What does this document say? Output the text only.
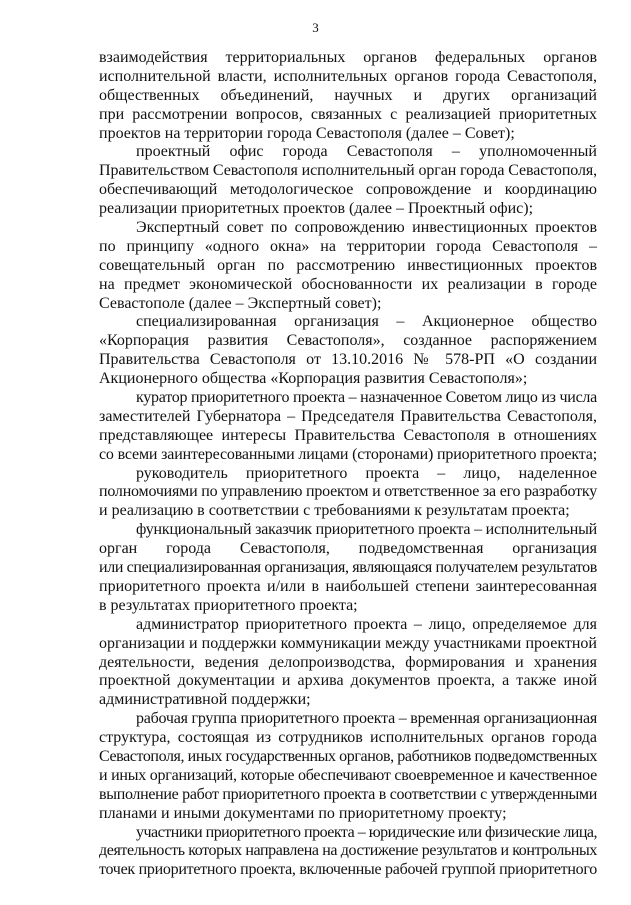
3
взаимодействия территориальных органов федеральных органов
исполнительной власти, исполнительных органов города Севастополя,
общественных объединений, научных и других организаций
при рассмотрении вопросов, связанных с реализацией приоритетных
проектов на территории города Севастополя (далее – Совет);
проектный офис города Севастополя – уполномоченный
Правительством Севастополя исполнительный орган города Севастополя,
обеспечивающий методологическое сопровождение и координацию
реализации приоритетных проектов (далее – Проектный офис);
Экспертный совет по сопровождению инвестиционных проектов
по принципу «одного окна» на территории города Севастополя –
совещательный орган по рассмотрению инвестиционных проектов
на предмет экономической обоснованности их реализации в городе
Севастополе (далее – Экспертный совет);
специализированная организация – Акционерное общество
«Корпорация развития Севастополя», созданное распоряжением
Правительства Севастополя от 13.10.2016 № 578-РП «О создании
Акционерного общества «Корпорация развития Севастополя»;
куратор приоритетного проекта – назначенное Советом лицо из числа
заместителей Губернатора – Председателя Правительства Севастополя,
представляющее интересы Правительства Севастополя в отношениях
со всеми заинтересованными лицами (сторонами) приоритетного проекта;
руководитель приоритетного проекта – лицо, наделенное
полномочиями по управлению проектом и ответственное за его разработку
и реализацию в соответствии с требованиями к результатам проекта;
функциональный заказчик приоритетного проекта – исполнительный
орган города Севастополя, подведомственная организация
или специализированная организация, являющаяся получателем результатов
приоритетного проекта и/или в наибольшей степени заинтересованная
в результатах приоритетного проекта;
администратор приоритетного проекта – лицо, определяемое для
организации и поддержки коммуникации между участниками проектной
деятельности, ведения делопроизводства, формирования и хранения
проектной документации и архива документов проекта, а также иной
административной поддержки;
рабочая группа приоритетного проекта – временная организационная
структура, состоящая из сотрудников исполнительных органов города
Севастополя, иных государственных органов, работников подведомственных
и иных организаций, которые обеспечивают своевременное и качественное
выполнение работ приоритетного проекта в соответствии с утвержденными
планами и иными документами по приоритетному проекту;
участники приоритетного проекта – юридические или физические лица,
деятельность которых направлена на достижение результатов и контрольных
точек приоритетного проекта, включенные рабочей группой приоритетного
